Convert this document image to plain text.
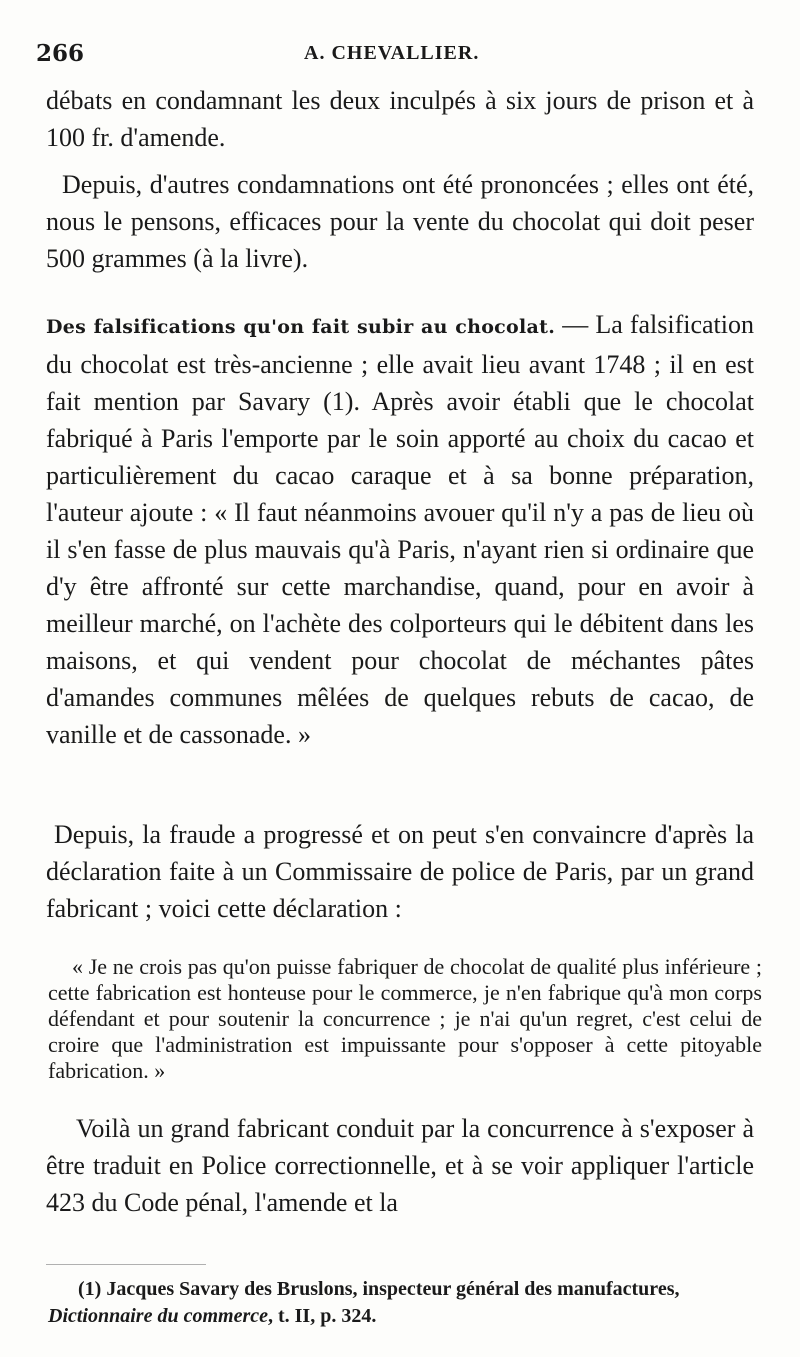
266	A. CHEVALLIER.

débats en condamnant les deux inculpés à six jours de prison et à 100 fr. d'amende.

Depuis, d'autres condamnations ont été prononcées ; elles ont été, nous le pensons, efficaces pour la vente du chocolat qui doit peser 500 grammes (à la livre).

Des falsifications qu'on fait subir au chocolat. — La falsification du chocolat est très-ancienne ; elle avait lieu avant 1748 ; il en est fait mention par Savary (1). Après avoir établi que le chocolat fabriqué à Paris l'emporte par le soin apporté au choix du cacao et particulièrement du cacao caraque et à sa bonne préparation, l'auteur ajoute : « Il faut néanmoins avouer qu'il n'y a pas de lieu où il s'en fasse de plus mauvais qu'à Paris, n'ayant rien si ordinaire que d'y être affronté sur cette marchandise, quand, pour en avoir à meilleur marché, on l'achète des colporteurs qui le débitent dans les maisons, et qui vendent pour chocolat de méchantes pâtes d'amandes communes mêlées de quelques rebuts de cacao, de vanille et de cassonade. »

Depuis, la fraude a progressé et on peut s'en convaincre d'après la déclaration faite à un Commissaire de police de Paris, par un grand fabricant ; voici cette déclaration :

« Je ne crois pas qu'on puisse fabriquer de chocolat de qualité plus inférieure ; cette fabrication est honteuse pour le commerce, je n'en fabrique qu'à mon corps défendant et pour soutenir la concurrence ; je n'ai qu'un regret, c'est celui de croire que l'administration est impuissante pour s'opposer à cette pitoyable fabrication. »

Voilà un grand fabricant conduit par la concurrence à s'exposer à être traduit en Police correctionnelle, et à se voir appliquer l'article 423 du Code pénal, l'amende et la

(1) Jacques Savary des Bruslons, inspecteur général des manufactures,
Dictionnaire du commerce, t. II, p. 324.
